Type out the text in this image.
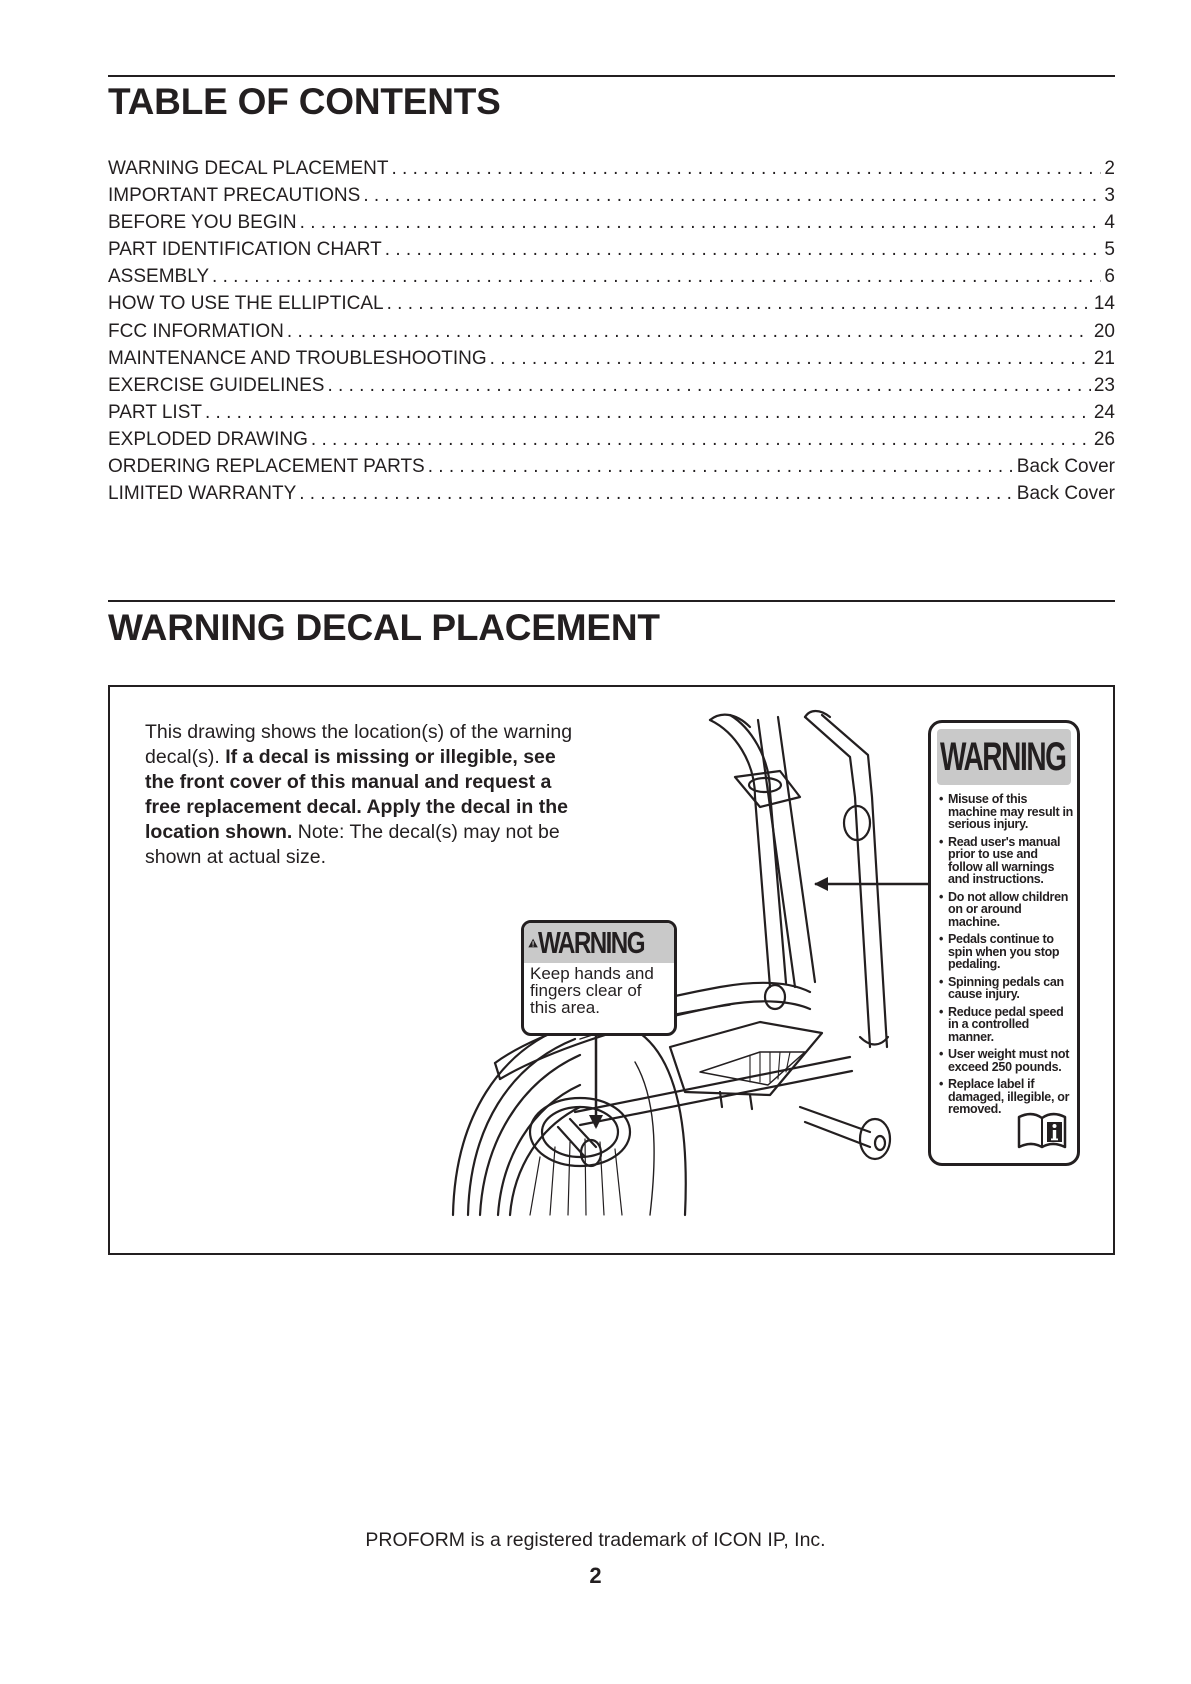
TABLE OF CONTENTS
WARNING DECAL PLACEMENT . . .	2
IMPORTANT PRECAUTIONS . . .	3
BEFORE YOU BEGIN . . .	4
PART IDENTIFICATION CHART . . .	5
ASSEMBLY . . .	6
HOW TO USE THE ELLIPTICAL . . .	14
FCC INFORMATION . . .	20
MAINTENANCE AND TROUBLESHOOTING . . .	21
EXERCISE GUIDELINES . . .	23
PART LIST . . .	24
EXPLODED DRAWING . . .	26
ORDERING REPLACEMENT PARTS . . .	Back Cover
LIMITED WARRANTY . . .	Back Cover
WARNING DECAL PLACEMENT

This drawing shows the location(s) of the warning decal(s). If a decal is missing or illegible, see the front cover of this manual and request a free replacement decal. Apply the decal in the location shown. Note: The decal(s) may not be shown at actual size.

WARNING
Keep hands and fingers clear of this area.
WARNING
• Misuse of this machine may result in serious injury.
• Read user's manual prior to use and follow all warnings and instructions.
• Do not allow children on or around machine.
• Pedals continue to spin when you stop pedaling.
• Spinning pedals can cause injury.
• Reduce pedal speed in a controlled manner.
• User weight must not exceed 250 pounds.
• Replace label if damaged, illegible, or removed.

PROFORM is a registered trademark of ICON IP, Inc.

2
